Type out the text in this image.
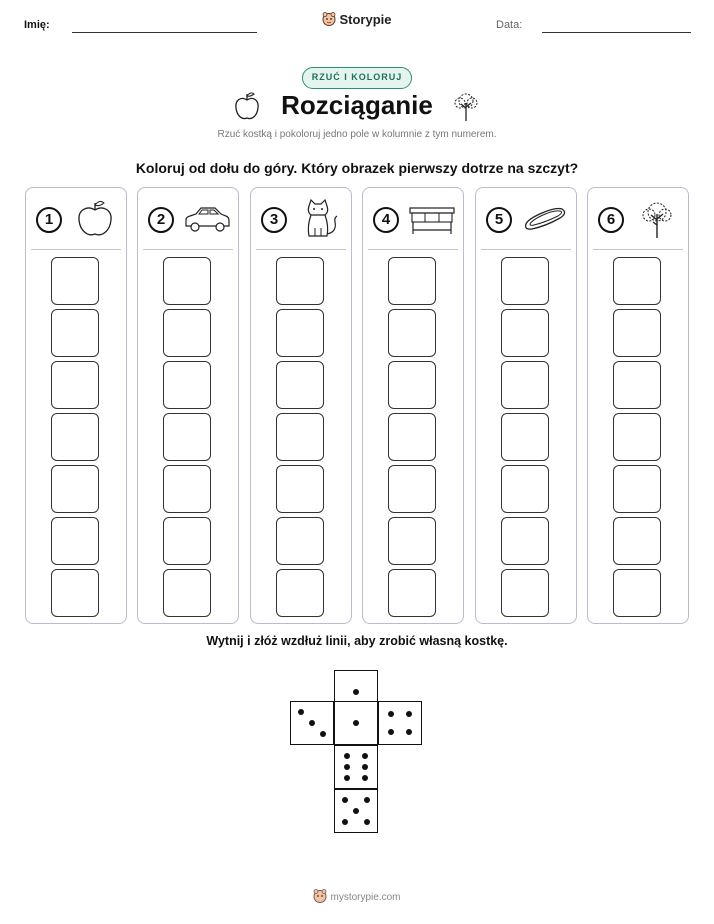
Imię:	Storypie	Data:
RZUĆ I KOLORUJ
Rozciąganie
Rzuć kostką i pokoloruj jedno pole w kolumnie z tym numerem.
Koloruj od dołu do góry. Który obrazek pierwszy dotrze na szczyt?
1	2	3	4	5	6
Wytnij i złóż wzdłuż linii, aby zrobić własną kostkę.
mystorypie.com
